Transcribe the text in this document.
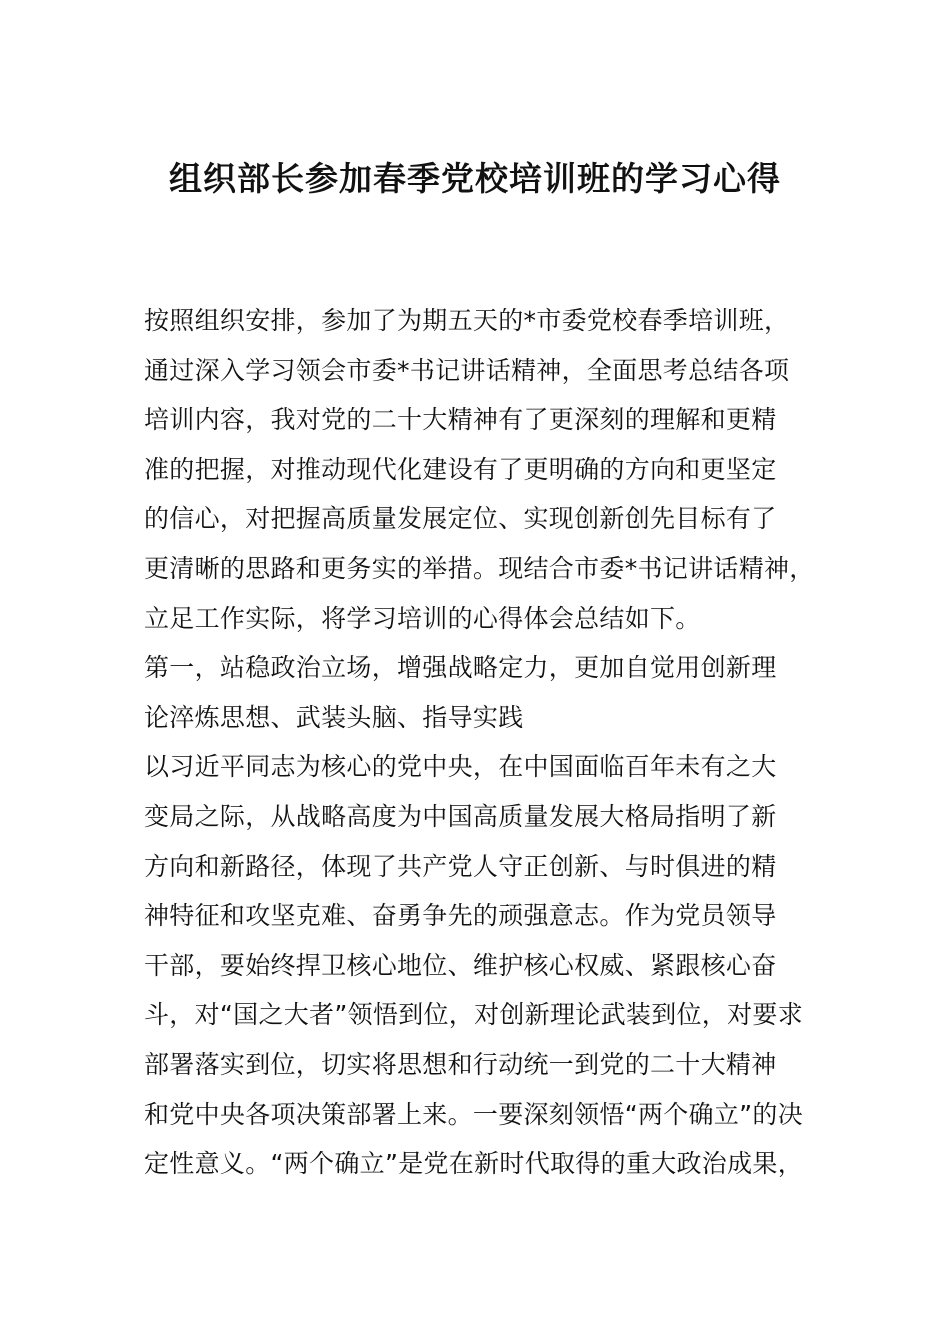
组织部长参加春季党校培训班的学习心得
按照组织安排，参加了为期五天的*市委党校春季培训班，
通过深入学习领会市委*书记讲话精神，全面思考总结各项
培训内容，我对党的二十大精神有了更深刻的理解和更精
准的把握，对推动现代化建设有了更明确的方向和更坚定
的信心，对把握高质量发展定位、实现创新创先目标有了
更清晰的思路和更务实的举措。现结合市委*书记讲话精神，
立足工作实际，将学习培训的心得体会总结如下。
第一，站稳政治立场，增强战略定力，更加自觉用创新理
论淬炼思想、武装头脑、指导实践
以习近平同志为核心的党中央，在中国面临百年未有之大
变局之际，从战略高度为中国高质量发展大格局指明了新
方向和新路径，体现了共产党人守正创新、与时俱进的精
神特征和攻坚克难、奋勇争先的顽强意志。作为党员领导
干部，要始终捍卫核心地位、维护核心权威、紧跟核心奋
斗，对“国之大者”领悟到位，对创新理论武装到位，对要求
部署落实到位，切实将思想和行动统一到党的二十大精神
和党中央各项决策部署上来。一要深刻领悟“两个确立”的决
定性意义。“两个确立”是党在新时代取得的重大政治成果，
